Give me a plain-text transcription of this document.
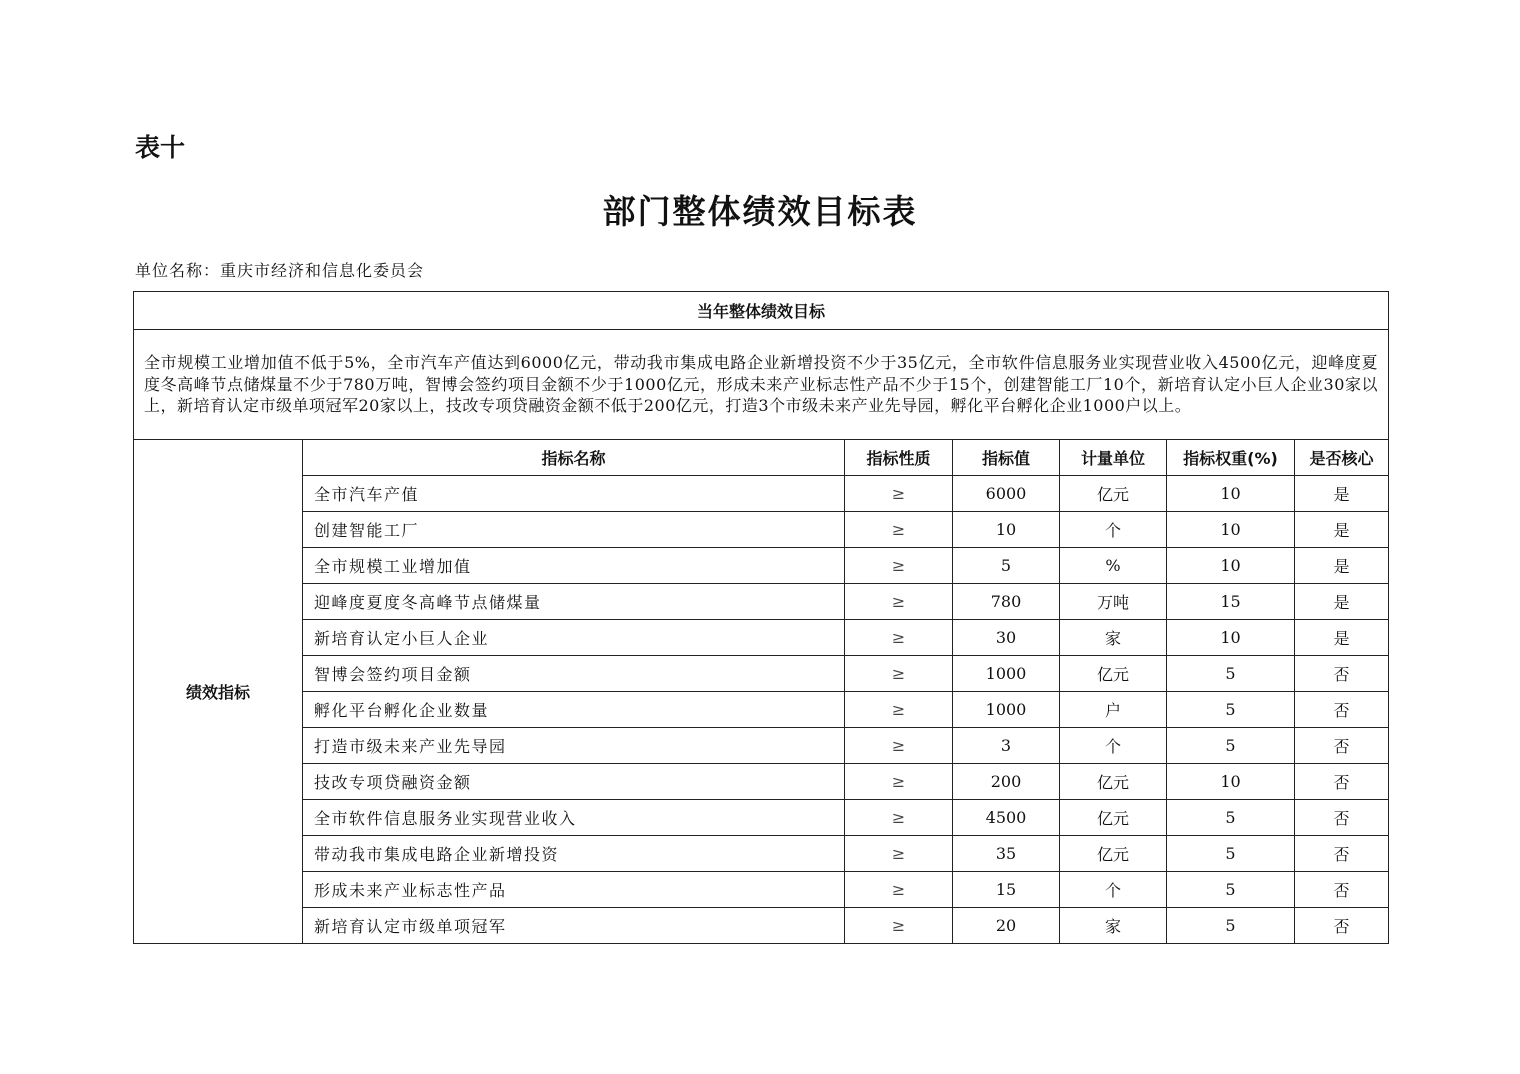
表十
部门整体绩效目标表
单位名称：重庆市经济和信息化委员会
当年整体绩效目标						
全市规模工业增加值不低于5%，全市汽车产值达到6000亿元，带动我市集成电路企业新增投资不少于35亿元，全市软件信息服务业实现营业收入4500亿元，迎峰度夏度冬高峰节点储煤量不少于780万吨，智博会签约项目金额不少于1000亿元，形成未来产业标志性产品不少于15个，创建智能工厂10个，新培育认定小巨人企业30家以上，新培育认定市级单项冠军20家以上，技改专项贷融资金额不低于200亿元，打造3个市级未来产业先导园，孵化平台孵化企业1000户以上。						
绩效指标	指标名称	指标性质	指标值	计量单位	指标权重(%)	是否核心
	全市汽车产值	≥	6000	亿元	10	是
	创建智能工厂	≥	10	个	10	是
	全市规模工业增加值	≥	5	%	10	是
	迎峰度夏度冬高峰节点储煤量	≥	780	万吨	15	是
	新培育认定小巨人企业	≥	30	家	10	是
	智博会签约项目金额	≥	1000	亿元	5	否
	孵化平台孵化企业数量	≥	1000	户	5	否
	打造市级未来产业先导园	≥	3	个	5	否
	技改专项贷融资金额	≥	200	亿元	10	否
	全市软件信息服务业实现营业收入	≥	4500	亿元	5	否
	带动我市集成电路企业新增投资	≥	35	亿元	5	否
	形成未来产业标志性产品	≥	15	个	5	否
	新培育认定市级单项冠军	≥	20	家	5	否
